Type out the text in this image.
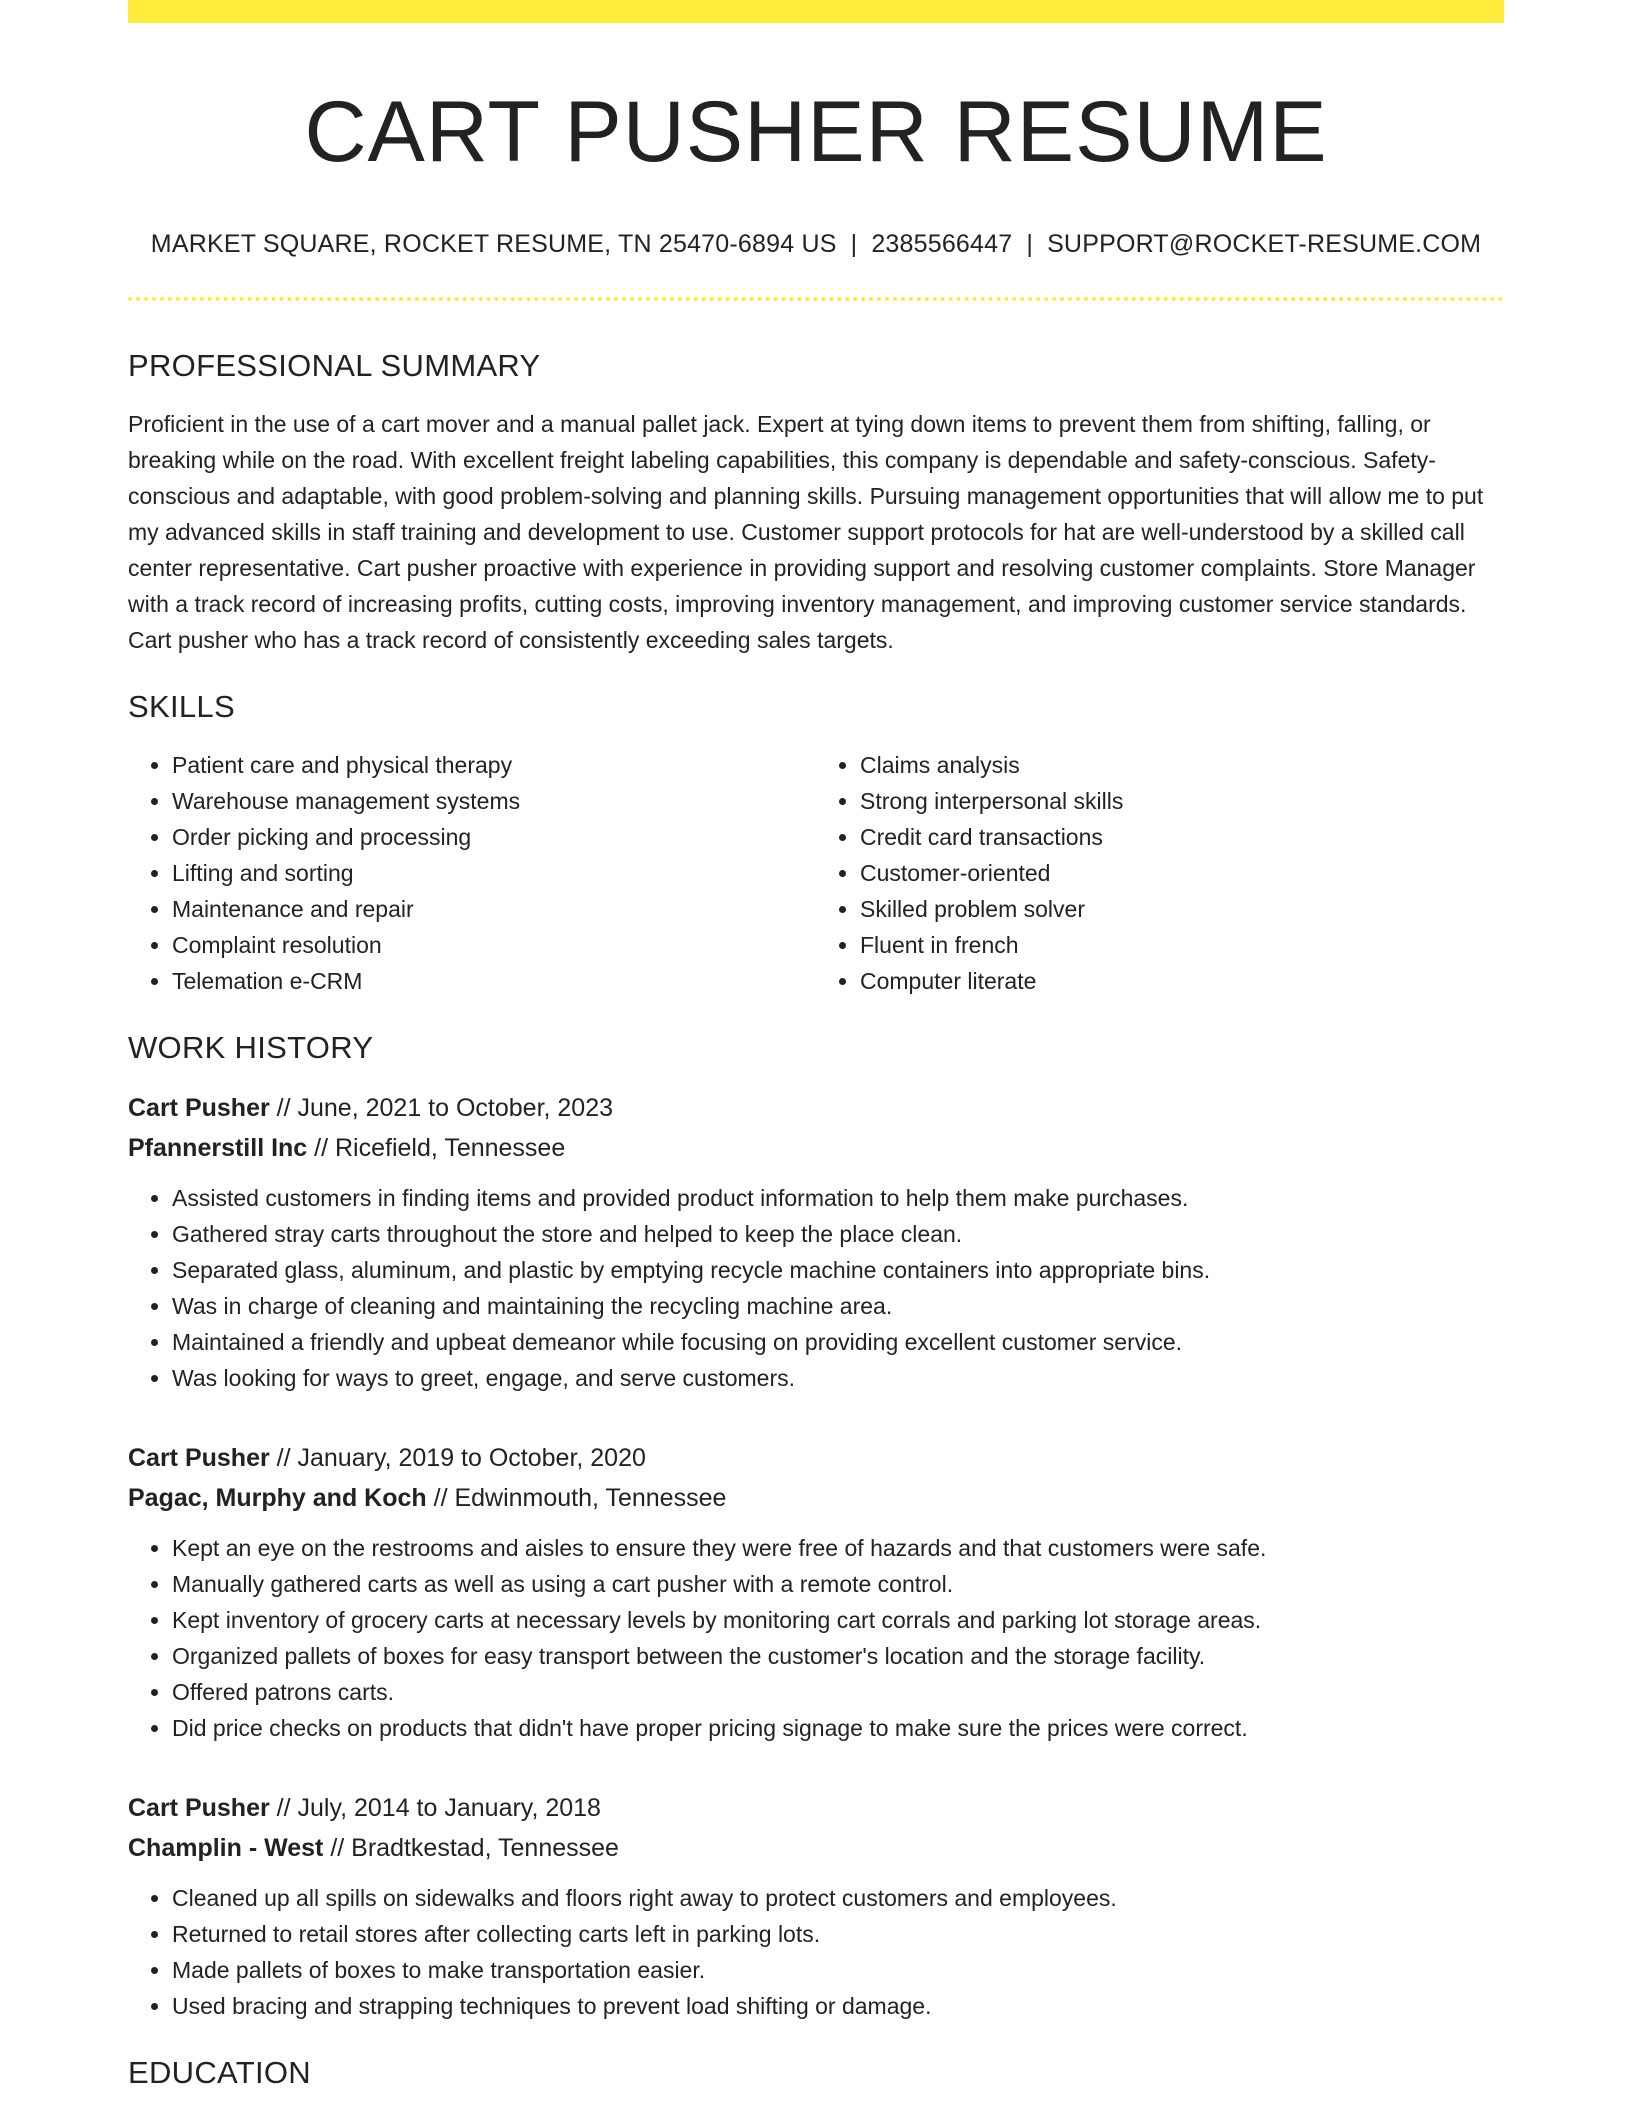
CART PUSHER RESUME
MARKET SQUARE, ROCKET RESUME, TN 25470-6894 US | 2385566447 | SUPPORT@ROCKET-RESUME.COM
PROFESSIONAL SUMMARY
Proficient in the use of a cart mover and a manual pallet jack. Expert at tying down items to prevent them from shifting, falling, or breaking while on the road. With excellent freight labeling capabilities, this company is dependable and safety-conscious. Safety-conscious and adaptable, with good problem-solving and planning skills. Pursuing management opportunities that will allow me to put my advanced skills in staff training and development to use. Customer support protocols for hat are well-understood by a skilled call center representative. Cart pusher proactive with experience in providing support and resolving customer complaints. Store Manager with a track record of increasing profits, cutting costs, improving inventory management, and improving customer service standards. Cart pusher who has a track record of consistently exceeding sales targets.
SKILLS
• Patient care and physical therapy
• Warehouse management systems
• Order picking and processing
• Lifting and sorting
• Maintenance and repair
• Complaint resolution
• Telemation e-CRM
• Claims analysis
• Strong interpersonal skills
• Credit card transactions
• Customer-oriented
• Skilled problem solver
• Fluent in french
• Computer literate
WORK HISTORY
Cart Pusher // June, 2021 to October, 2023
Pfannerstill Inc // Ricefield, Tennessee
• Assisted customers in finding items and provided product information to help them make purchases.
• Gathered stray carts throughout the store and helped to keep the place clean.
• Separated glass, aluminum, and plastic by emptying recycle machine containers into appropriate bins.
• Was in charge of cleaning and maintaining the recycling machine area.
• Maintained a friendly and upbeat demeanor while focusing on providing excellent customer service.
• Was looking for ways to greet, engage, and serve customers.
Cart Pusher // January, 2019 to October, 2020
Pagac, Murphy and Koch // Edwinmouth, Tennessee
• Kept an eye on the restrooms and aisles to ensure they were free of hazards and that customers were safe.
• Manually gathered carts as well as using a cart pusher with a remote control.
• Kept inventory of grocery carts at necessary levels by monitoring cart corrals and parking lot storage areas.
• Organized pallets of boxes for easy transport between the customer's location and the storage facility.
• Offered patrons carts.
• Did price checks on products that didn't have proper pricing signage to make sure the prices were correct.
Cart Pusher // July, 2014 to January, 2018
Champlin - West // Bradtkestad, Tennessee
• Cleaned up all spills on sidewalks and floors right away to protect customers and employees.
• Returned to retail stores after collecting carts left in parking lots.
• Made pallets of boxes to make transportation easier.
• Used bracing and strapping techniques to prevent load shifting or damage.
EDUCATION
